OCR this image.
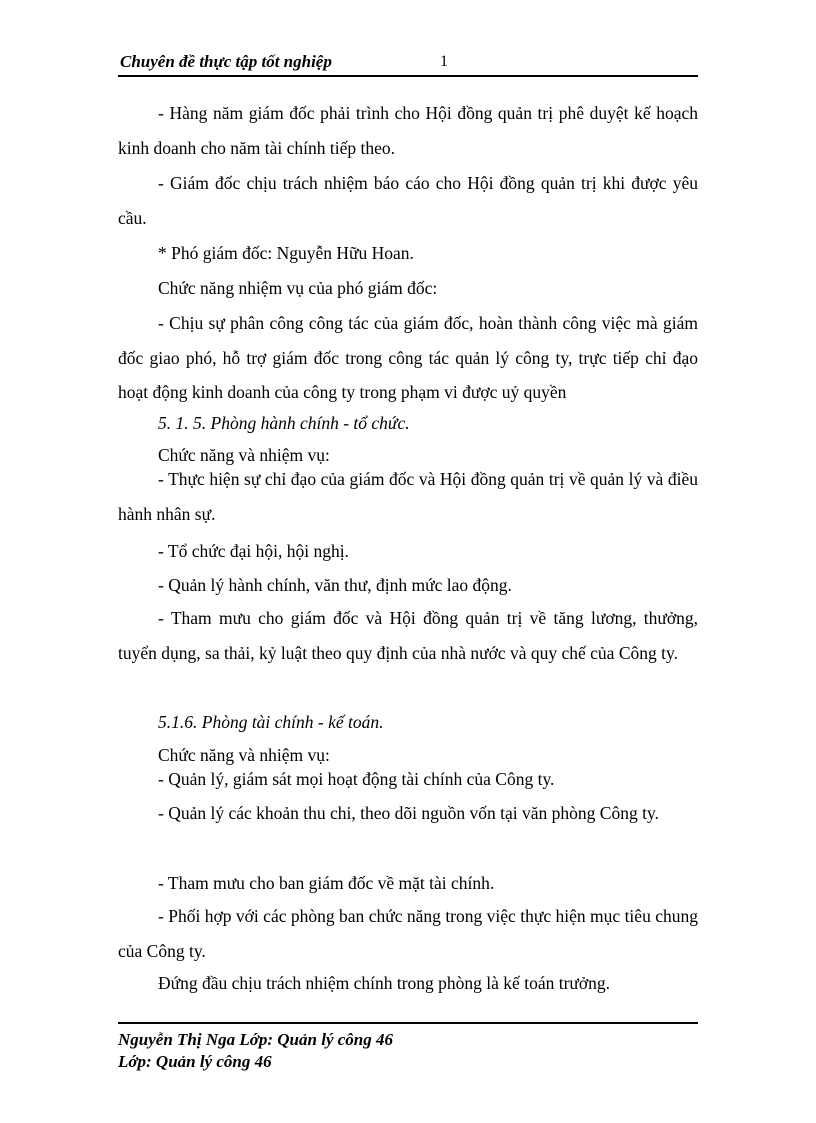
Chuyên đề thực tập tốt nghiệp	1

- Hàng năm giám đốc phải trình cho Hội đồng quản trị phê duyệt kế hoạch kinh doanh cho năm tài chính tiếp theo.

- Giám đốc chịu trách nhiệm báo cáo cho Hội đồng quản trị khi được yêu cầu.

* Phó giám đốc: Nguyễn Hữu Hoan.

Chức năng nhiệm vụ của phó giám đốc:

- Chịu sự phân công công tác của giám đốc, hoàn thành công việc mà giám đốc giao phó, hỗ trợ giám đốc trong công tác quản lý công ty, trực tiếp chỉ đạo hoạt động kinh doanh của công ty trong phạm vi được uỷ quyền

5. 1. 5. Phòng hành chính - tổ chức.

Chức năng và nhiệm vụ:

- Thực hiện sự chỉ đạo của giám đốc và Hội đồng quản trị về quản lý và điều hành nhân sự.

- Tổ chức đại hội, hội nghị.

- Quản lý hành chính, văn thư, định mức lao động.

- Tham mưu cho giám đốc và Hội đồng quản trị về tăng lương, thưởng, tuyển dụng, sa thải, kỷ luật theo quy định của nhà nước và quy chế của Công ty.

5.1.6. Phòng tài chính - kế toán.

Chức năng và nhiệm vụ:

- Quản lý, giám sát mọi hoạt động tài chính của Công ty.

- Quản lý các khoản thu chi, theo dõi nguồn vốn tại văn phòng Công ty.

- Tham mưu cho ban giám đốc về mặt tài chính.

- Phối hợp với các phòng ban chức năng trong việc thực hiện mục tiêu chung của Công ty.

Đứng đầu chịu trách nhiệm chính trong phòng là kế toán trưởng.

Nguyễn Thị Nga Lớp: Quản lý công 46
Lớp: Quản lý công 46
